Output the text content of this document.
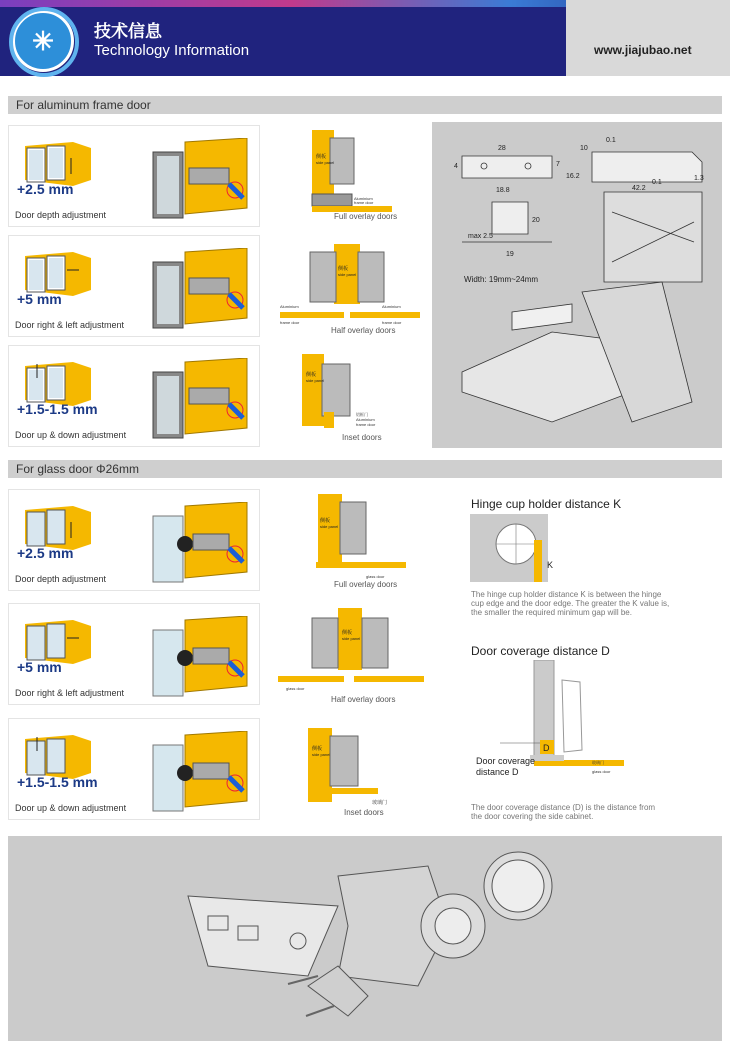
✳ 技术信息
Technology Information	www.jiajubao.net
For aluminum frame door
+2.5 mm
Door depth adjustment
+5 mm
Door right & left adjustment
+1.5-1.5 mm
Door up & down adjustment
侧板
side panel
Aluminium
frame door
Full overlay doors
侧板
side panel
Aluminium
frame door
Aluminium
frame door
Half overlay doors
侧板
side panel
铝框门
Aluminium
frame door
Inset doors
28
4	7
10
16.2
18.8
20
max 2.5
19
42.2
1.3
0.1
0.1
Width: 19mm~24mm
For glass door Φ26mm
+2.5 mm
Door depth adjustment
+5 mm
Door right & left adjustment
+1.5-1.5 mm
Door up & down adjustment
侧板
side panel
glass door
Full overlay doors
侧板
side panel
glass door
Half overlay doors
侧板
side panel
玻璃门
Inset doors
Hinge cup holder distance K
K
The hinge cup holder distance K is between the hinge
cup edge and the door edge. The greater the K value is,
the smaller the required minimum gap will be.
Door coverage distance D
D
玻璃门
glass door
Door coverage
distance D
The door coverage distance (D) is the distance from
the door covering the side cabinet.
